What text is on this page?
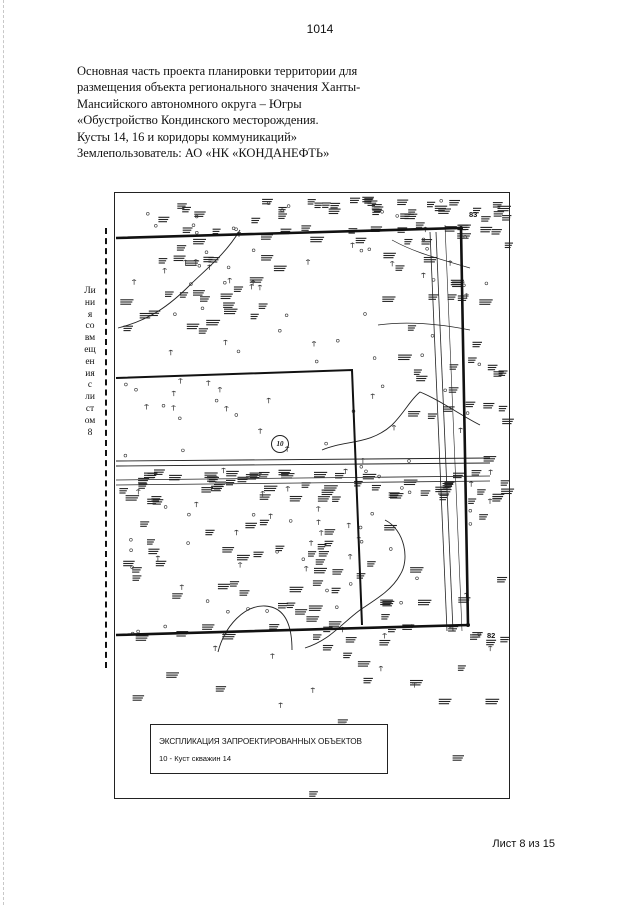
1014
Основная часть проекта планировки территории для
размещения объекта регионального значения Ханты-
Мансийского автономного округа – Югры
«Обустройство Кондинского месторождения.
Кусты 14, 16 и коридоры коммуникаций»
Землепользователь: АО «НК «КОНДАНЕФТЬ»
Ли
ни
я
со
вм
ещ
ен
ия
с
ли
ст
ом
8
10
83
82
ЭКСПЛИКАЦИЯ ЗАПРОЕКТИРОВАННЫХ ОБЪЕКТОВ
10 - Куст скважин 14
Лист 8 из 15
